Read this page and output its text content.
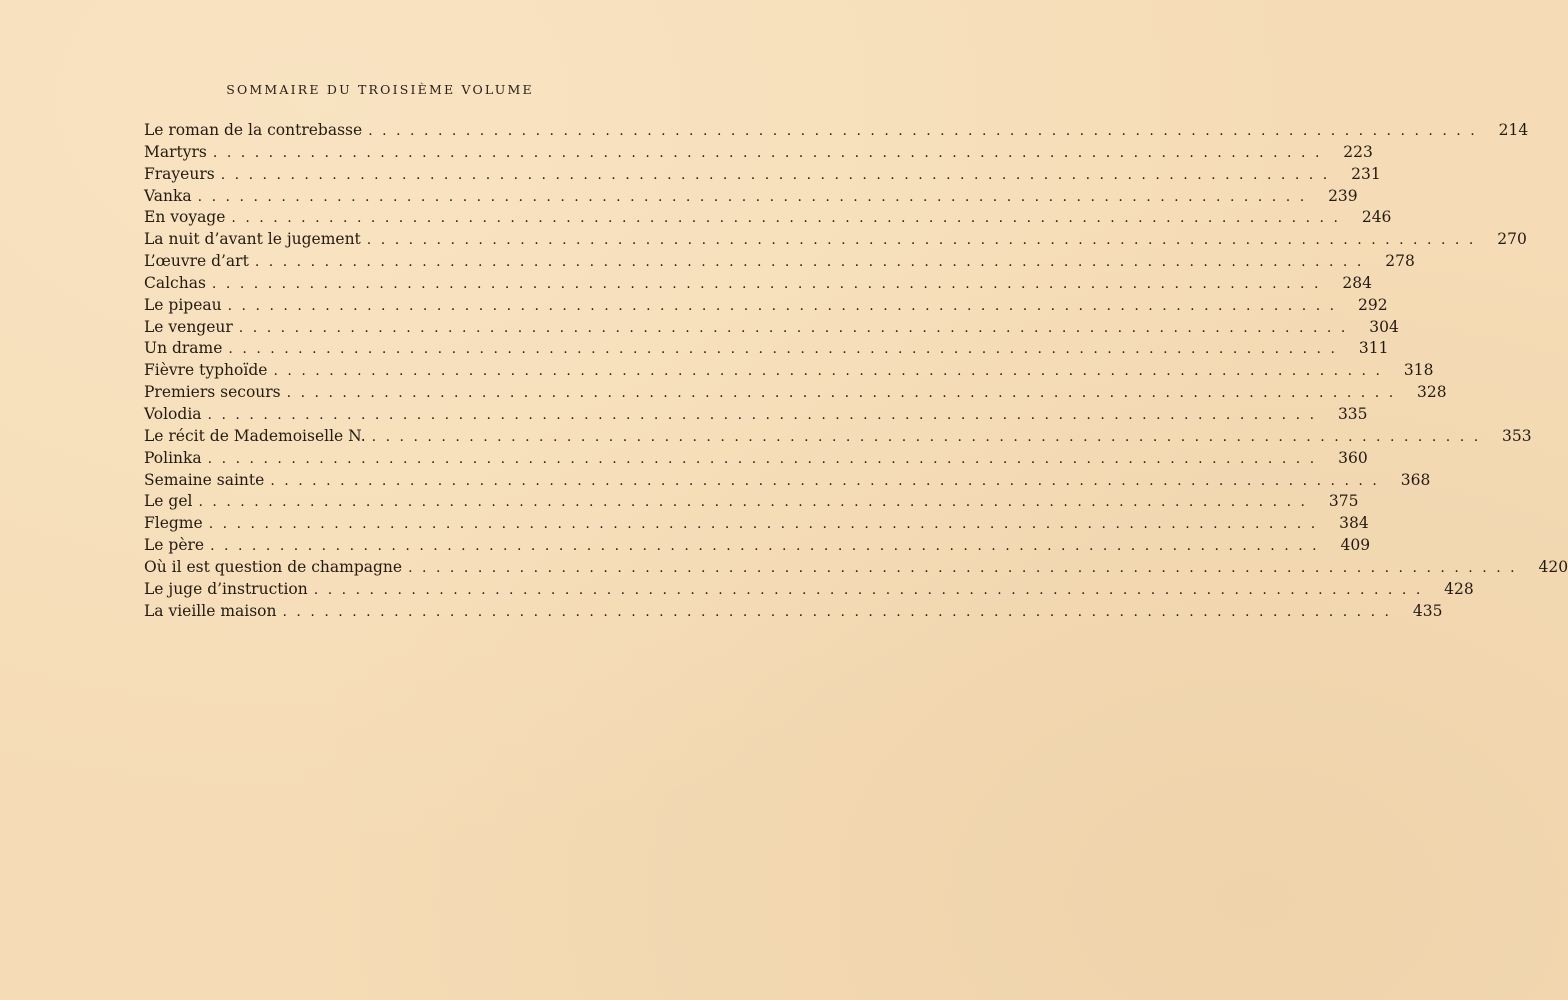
SOMMAIRE DU TROISIÈME VOLUME
Le roman de la contrebasse ................................................................................ 214
Martyrs ................................................................................ 223
Frayeurs ................................................................................ 231
Vanka ................................................................................ 239
En voyage ................................................................................ 246
La nuit d’avant le jugement ................................................................................ 270
L’œuvre d’art ................................................................................ 278
Calchas ................................................................................ 284
Le pipeau ................................................................................ 292
Le vengeur ................................................................................ 304
Un drame ................................................................................ 311
Fièvre typhoïde ................................................................................ 318
Premiers secours ................................................................................ 328
Volodia ................................................................................ 335
Le récit de Mademoiselle N. ................................................................................ 353
Polinka ................................................................................ 360
Semaine sainte ................................................................................ 368
Le gel ................................................................................ 375
Flegme ................................................................................ 384
Le père ................................................................................ 409
Où il est question de champagne ................................................................................ 420
Le juge d’instruction ................................................................................ 428
La vieille maison ................................................................................ 435
